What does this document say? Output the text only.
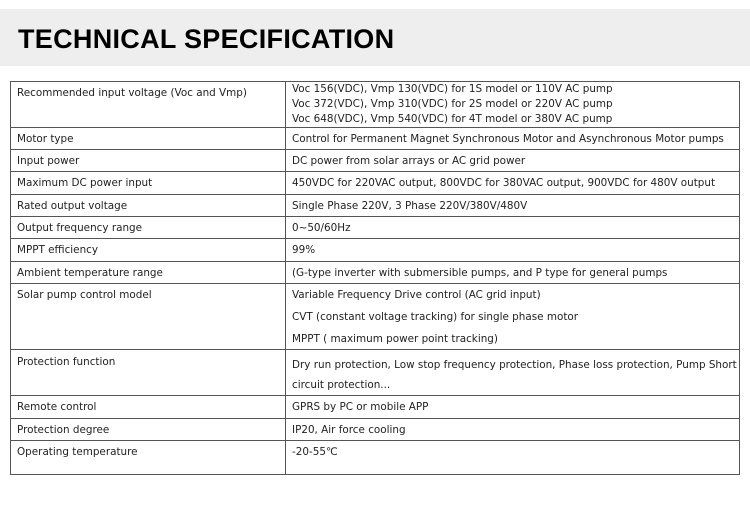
TECHNICAL SPECIFICATION
Recommended input voltage (Voc and Vmp)	Voc 156(VDC), Vmp 130(VDC) for 1S model or 110V AC pump
Voc 372(VDC), Vmp 310(VDC) for 2S model or 220V AC pump
Voc 648(VDC), Vmp 540(VDC) for 4T model or 380V AC pump

Motor type	Control for Permanent Magnet Synchronous Motor and Asynchronous Motor pumps

Input power	DC power from solar arrays or AC grid power

Maximum DC power input	450VDC for 220VAC output, 800VDC for 380VAC output, 900VDC for 480V output

Rated output voltage	Single Phase 220V, 3 Phase 220V/380V/480V

Output frequency range	0~50/60Hz

MPPT efficiency	99%

Ambient temperature range	(G-type inverter with submersible pumps, and P type for general pumps

Solar pump control model	Variable Frequency Drive control (AC grid input)
CVT (constant voltage tracking) for single phase motor
MPPT ( maximum power point tracking)

Protection function	Dry run protection, Low stop frequency protection, Phase loss protection, Pump Short
circuit protection...

Remote control	GPRS by PC or mobile APP

Protection degree	IP20, Air force cooling

Operating temperature	-20-55℃
